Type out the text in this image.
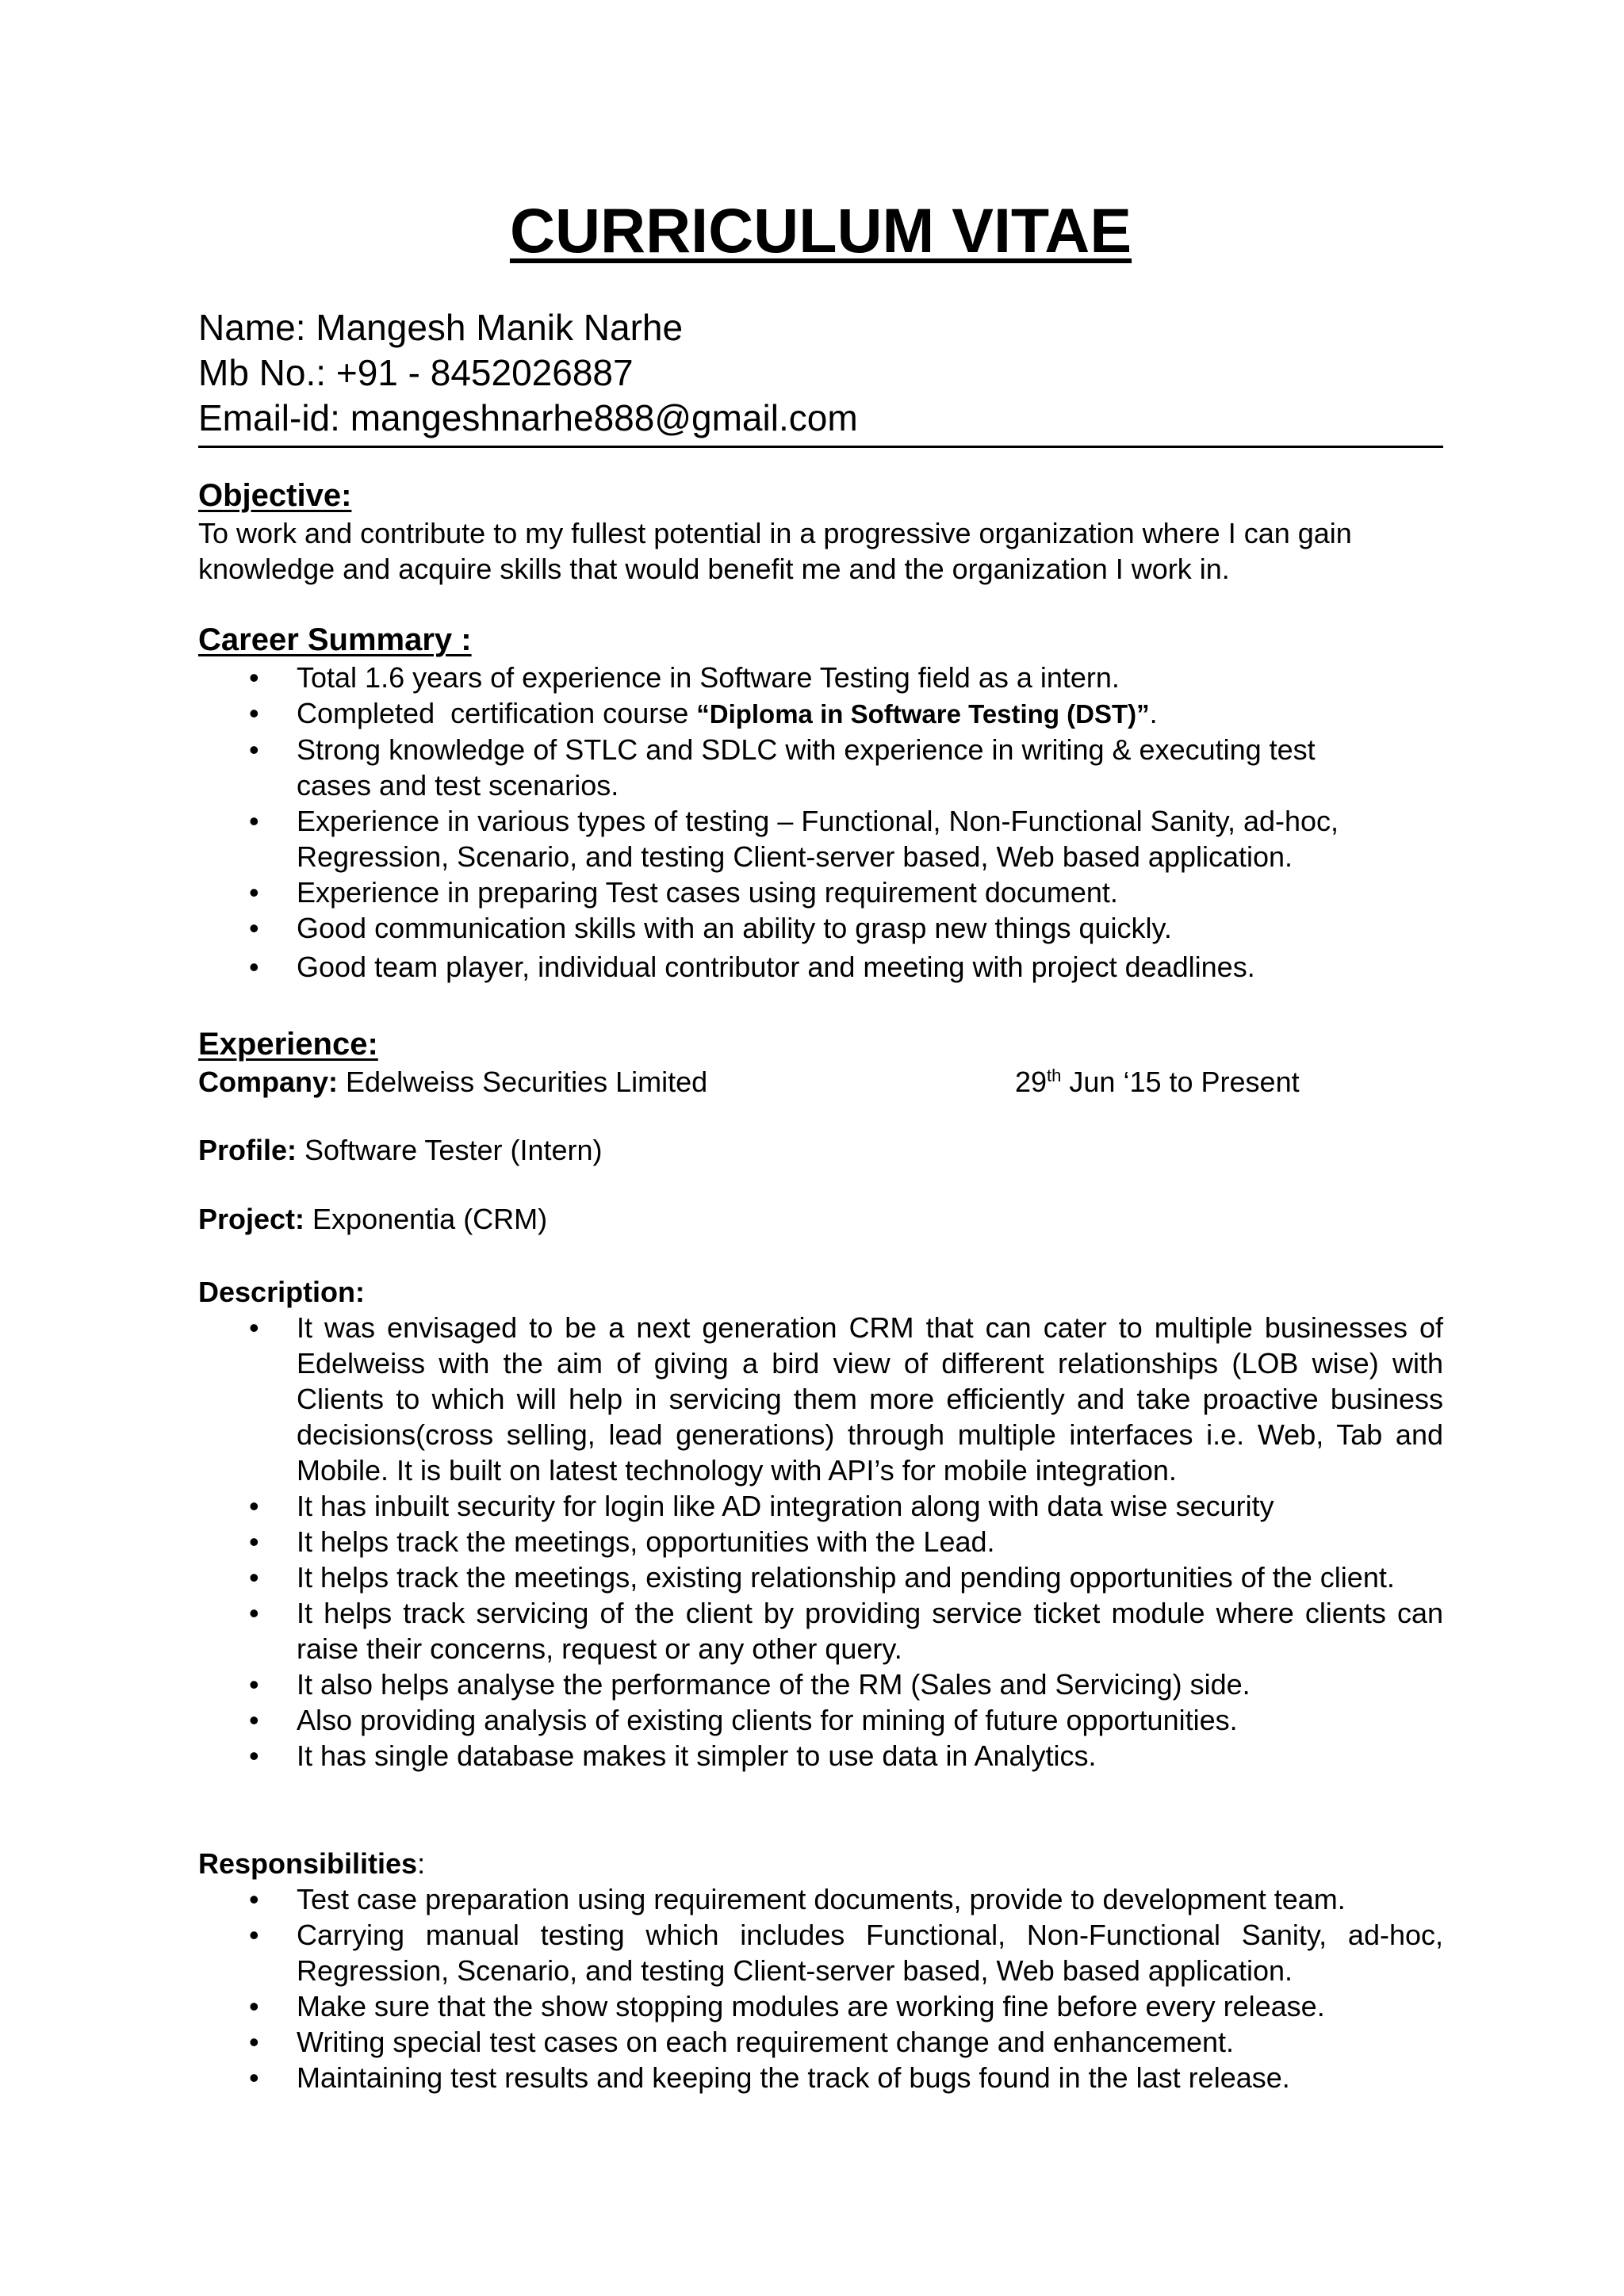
CURRICULUM VITAE
Name: Mangesh Manik Narhe
Mb No.: +91 - 8452026887
Email-id: mangeshnarhe888@gmail.com
Objective:
To work and contribute to my fullest potential in a progressive organization where I can gain
knowledge and acquire skills that would benefit me and the organization I work in.
Career Summary :
• Total 1.6 years of experience in Software Testing field as a intern.
• Completed  certification course “Diploma in Software Testing (DST)”.
• Strong knowledge of STLC and SDLC with experience in writing & executing test cases and test scenarios.
• Experience in various types of testing – Functional, Non-Functional Sanity, ad-hoc, Regression, Scenario, and testing Client-server based, Web based application.
• Experience in preparing Test cases using requirement document.
• Good communication skills with an ability to grasp new things quickly.
• Good team player, individual contributor and meeting with project deadlines.
Experience:
Company: Edelweiss Securities Limited	29th Jun ‘15 to Present
Profile: Software Tester (Intern)
Project: Exponentia (CRM)
Description:
• It was envisaged to be a next generation CRM that can cater to multiple businesses of Edelweiss with the aim of giving a bird view of different relationships (LOB wise) with Clients to which will help in servicing them more efficiently and take proactive business decisions(cross selling, lead generations) through multiple interfaces i.e. Web, Tab and Mobile. It is built on latest technology with API’s for mobile integration.
• It has inbuilt security for login like AD integration along with data wise security
• It helps track the meetings, opportunities with the Lead.
• It helps track the meetings, existing relationship and pending opportunities of the client.
• It helps track servicing of the client by providing service ticket module where clients can raise their concerns, request or any other query.
• It also helps analyse the performance of the RM (Sales and Servicing) side.
• Also providing analysis of existing clients for mining of future opportunities.
• It has single database makes it simpler to use data in Analytics.
Responsibilities:
• Test case preparation using requirement documents, provide to development team.
• Carrying manual testing which includes Functional, Non-Functional Sanity, ad-hoc, Regression, Scenario, and testing Client-server based, Web based application.
• Make sure that the show stopping modules are working fine before every release.
• Writing special test cases on each requirement change and enhancement.
• Maintaining test results and keeping the track of bugs found in the last release.
